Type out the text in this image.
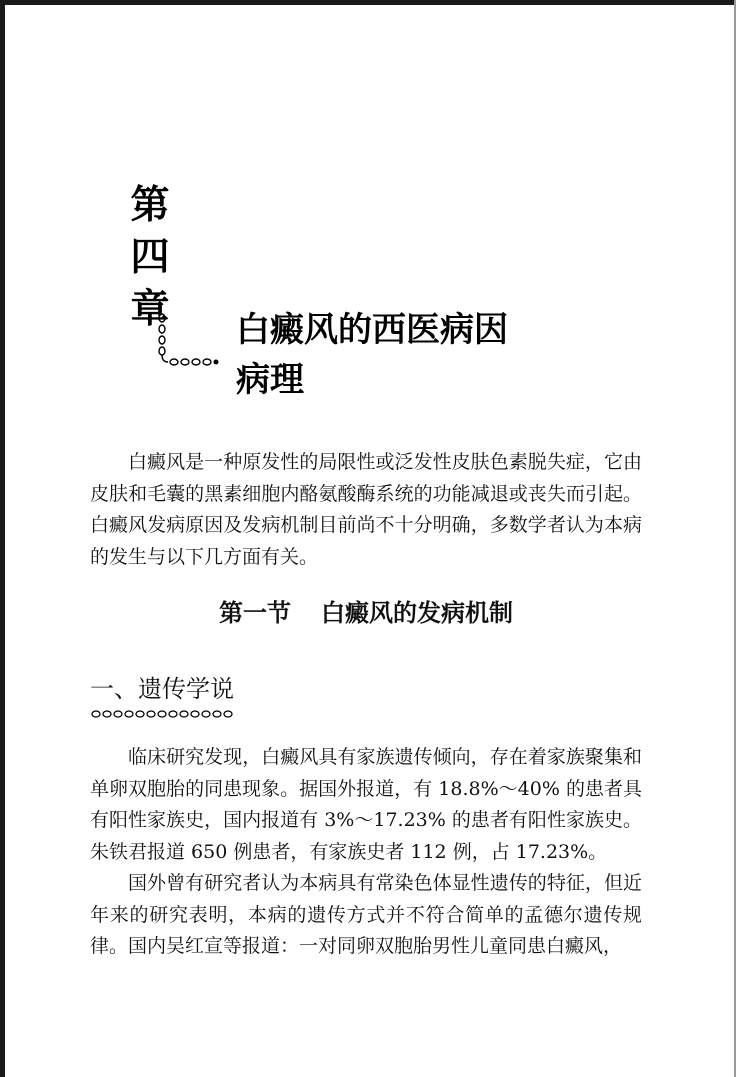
第
四
章 白癜风的西医病因
病理

白癜风是一种原发性的局限性或泛发性皮肤色素脱失症，它由皮肤和毛囊的黑素细胞内酪氨酸酶系统的功能减退或丧失而引起。白癜风发病原因及发病机制目前尚不十分明确，多数学者认为本病的发生与以下几方面有关。

第一节 白癜风的发病机制
一、遗传学说

临床研究发现，白癜风具有家族遗传倾向，存在着家族聚集和单卵双胞胎的同患现象。据国外报道，有 18.8%～40% 的患者具有阳性家族史，国内报道有 3%～17.23% 的患者有阳性家族史。朱铁君报道 650 例患者，有家族史者 112 例，占 17.23%。

国外曾有研究者认为本病具有常染色体显性遗传的特征，但近年来的研究表明，本病的遗传方式并不符合简单的孟德尔遗传规律。国内吴红宣等报道：一对同卵双胞胎男性儿童同患白癜风，
